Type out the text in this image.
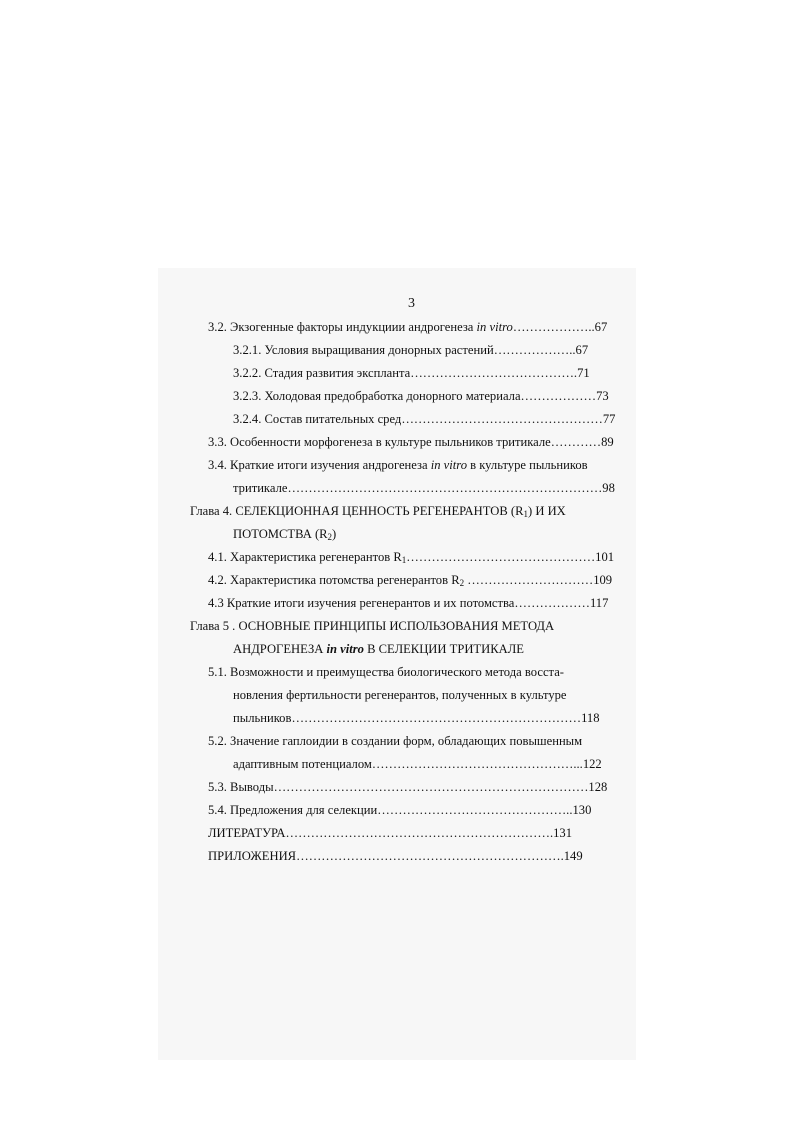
3
3.2. Экзогенные факторы индукциии андрогенеза in vitro………………..67
3.2.1. Условия выращивания донорных растений………………..67
3.2.2. Стадия развития экспланта………………………………….71
3.2.3. Холодовая предобработка донорного материала………………73
3.2.4. Состав питательных сред…………………………………………77
3.3. Особенности морфогенеза в культуре пыльников тритикале…………89
3.4. Краткие итоги изучения андрогенеза in vitro в культуре пыльников
тритикале…………………………………………………………………98
Глава 4. СЕЛЕКЦИОННАЯ ЦЕННОСТЬ РЕГЕНЕРАНТОВ $(R_1)$ И ИХ
ПОТОМСТВА $(R_2)$
4.1. Характеристика регенерантов $R_1\dots\dots\dots\dots\dots\dots\dots\dots\dots\dots\dots\dots\dots\dots\dots 101$
4.2. Характеристика потомства регенерантов $R_2$ …………………………109
4.3 Краткие итоги изучения регенерантов и их потомства………………117
Глава 5 . ОСНОВНЫЕ ПРИНЦИПЫ ИСПОЛЬЗОВАНИЯ МЕТОДА
АНДРОГЕНЕЗА in vitro В СЕЛЕКЦИИ ТРИТИКАЛЕ
5.1. Возможности и преимущества биологического метода восста-
новления фертильности регенерантов, полученных в культуре
пыльников……………………………………………………………118
5.2. Значение гаплоидии в создании форм, обладающих повышенным
адаптивным потенциалом…………………………………………...122
5.3. Выводы…………………………………………………………………128
5.4. Предложения для селекции………………………………………..130
ЛИТЕРАТУРА……………………………………………………….131
ПРИЛОЖЕНИЯ……………………………………………………….149
